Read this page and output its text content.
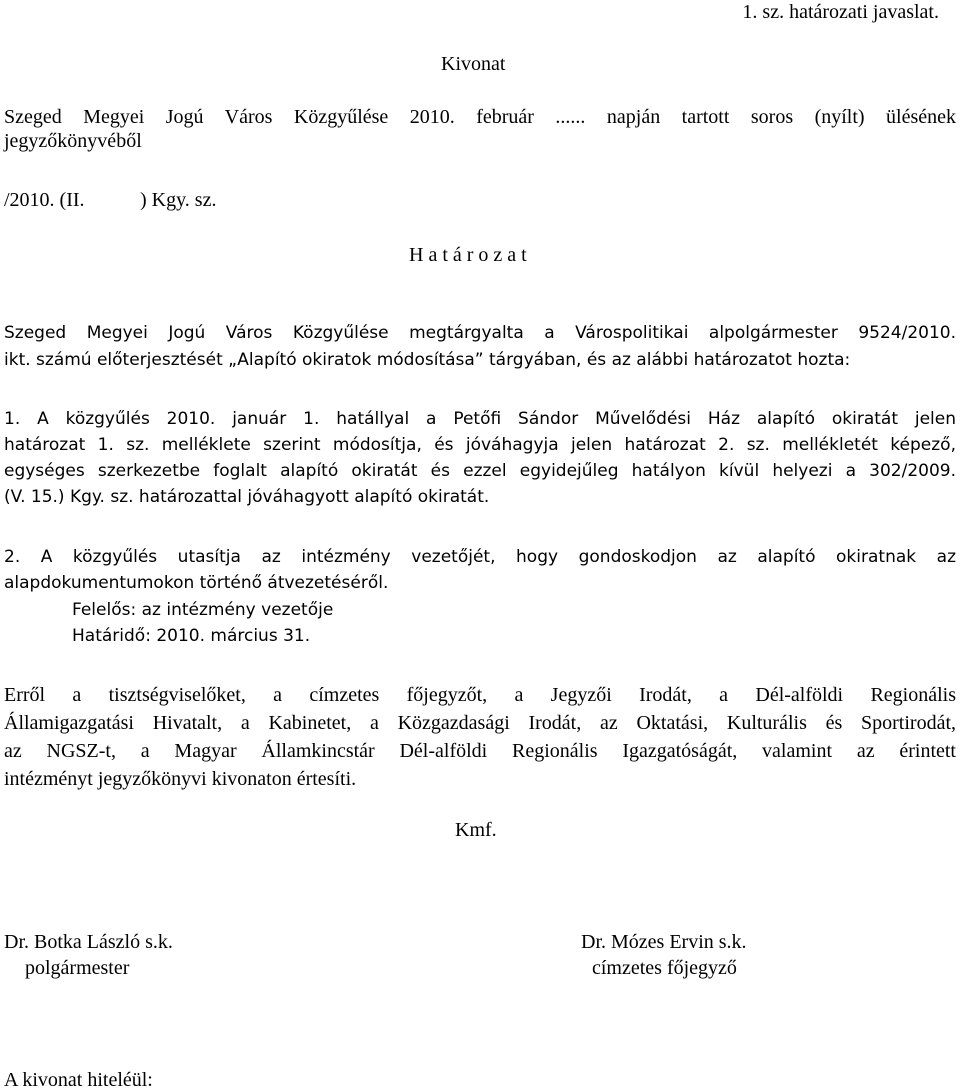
1. sz. határozati javaslat.
Kivonat
Szeged Megyei Jogú Város Közgyűlése 2010. február ...... napján tartott soros (nyílt) ülésének
jegyzőkönyvéből
/2010. (II.	) Kgy. sz.
H a t á r o z a t
Szeged Megyei Jogú Város Közgyűlése megtárgyalta a Várospolitikai alpolgármester 9524/2010.
ikt. számú előterjesztését „Alapító okiratok módosítása” tárgyában, és az alábbi határozatot hozta:
1. A közgyűlés 2010. január 1. hatállyal a Petőfi Sándor Művelődési Ház alapító okiratát jelen
határozat 1. sz. melléklete szerint módosítja, és jóváhagyja jelen határozat 2. sz. mellékletét képező,
egységes szerkezetbe foglalt alapító okiratát és ezzel egyidejűleg hatályon kívül helyezi a 302/2009.
(V. 15.) Kgy. sz. határozattal jóváhagyott alapító okiratát.
2. A közgyűlés utasítja az intézmény vezetőjét, hogy gondoskodjon az alapító okiratnak az
alapdokumentumokon történő átvezetéséről.
Felelős: az intézmény vezetője
Határidő: 2010. március 31.
Erről a tisztségviselőket, a címzetes főjegyzőt, a Jegyzői Irodát, a Dél-alföldi Regionális
Államigazgatási Hivatalt, a Kabinetet, a Közgazdasági Irodát, az Oktatási, Kulturális és Sportirodát,
az NGSZ-t, a Magyar Államkincstár Dél-alföldi Regionális Igazgatóságát, valamint az érintett
intézményt jegyzőkönyvi kivonaton értesíti.
Kmf.
Dr. Botka László s.k.
polgármester
Dr. Mózes Ervin s.k.
címzetes főjegyző
A kivonat hiteléül:
